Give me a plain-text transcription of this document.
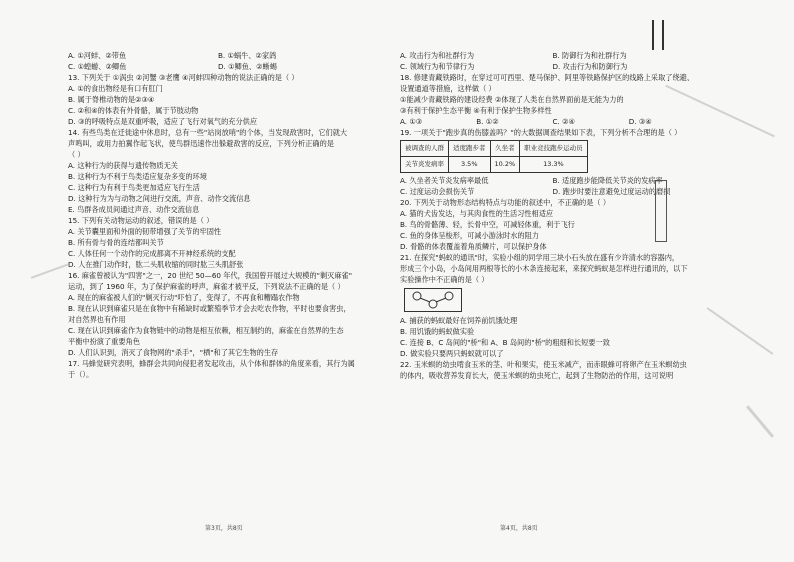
A. ①河蚌、②带鱼	B. ①蜗牛、②家鸽
C. ①蝗蝣、②鲫鱼	D. ①鲫鱼、②蜥蜴
13. 下列关于 ①涡虫 ②河蟹 ③老鹰 ④河蚌四种动物的说法正确的是（ ）
A. ①的食出物经是有口有肛门
B. 属于脊椎动物的是②③④
C. ②和④的体表有外骨骼，属于节肢动物
D. ③的呼吸特点是双重呼吸，适应了飞行对氧气的充分供应
14. 有些鸟类在迁徙途中休息时，总有一些"站岗放哨"的个体，当发现敌害时，它们就大
声鸣叫，或用力拍翼作起飞状，使鸟群迅速作出躲避敌害的反应，下列分析正确的是
（ ）
A. 这种行为的获得与遗传物质无关
B. 这种行为不利于鸟类适应复杂多变的环境
C. 这种行为有利于鸟类更加适应飞行生活
D. 这种行为为与动物之间进行交流，声音、动作交流信息
E. 鸟群各成员间通过声音、动作交流信息
15. 下列有关动物运动的叙述，错误的是（ ）
A. 关节囊里面和外面的韧带增强了关节的牢固性
B. 所有骨与骨的连结都叫关节
C. 人体任何一个动作的完成都离不开神经系统的支配
D. 人在推门动作时，肱二头肌收缩的同时肱三头肌舒张
16. 麻雀曾被认为"四害"之一，20 世纪 50—60 年代，我国曾开展过大规模的"剿灭麻雀"
运动，到了 1960 年，为了保护麻雀的呼声，麻雀才被平反，下列说法不正确的是（ ）
A. 现在的麻雀被人们的"剿灭行动"吓怕了，变得了，不再食和糟蹋农作物
B. 现在认识到麻雀只是在食物中有稀缺时或繁殖季节才会去吃农作物，平时也要食害虫，
对自然界也有作用
C. 现在认识到麻雀作为食物链中的动物是相互依赖，相互制约的，麻雀在自然界的生态
平衡中扮演了重要角色
D. 人们认识到，消灭了食物网的"杀手"，"栖"和了其它生物的生存
17. 马蜂觉研究表明，蜂群会共同向侵犯者发起攻击，从个体和群体的角度来看，其行为属
于（）。
A. 攻击行为和社群行为	B. 防御行为和社群行为
C. 领域行为和节律行为	D. 攻击行为和防御行为
18. 修建青藏铁路时，在穿过可可西里、楚马保护、阿里等铁路保护区的线路上采取了绕避、
设置通道等措施，这样做（ ）
①能减少青藏铁路的建设经费 ②体现了人类在自然界面前是无能为力的
③有利于保护生态平衡 ④有利于保护生物多样性
A. ①③	B. ①②	C. ②④	D. ③④
19. 一项关于"跑步真的伤膝盖吗？"的大数据调查结果如下表，下列分析不合理的是（ ）
被调查的人群	适度跑步者	久坐者	职业竞技跑步运动员
关节炎发病率	3.5%	10.2%	13.3%
A. 久坐者关节炎发病率最低	B. 适度跑步能降低关节炎的发病率
C. 过度运动会损伤关节	D. 跑步时要注意避免过度运动的磨损
20. 下列关于动物形态结构特点与功能的叙述中，不正确的是（ ）
A. 猫的犬齿发达，与其肉食性的生活习性相适应
B. 鸟的骨骼薄、轻，长骨中空，可减轻体重，利于飞行
C. 鱼的身体呈梭形，可减小游泳时水的阻力
D. 骨骼的体表覆盖着角质鳞片，可以保护身体
21. 在探究"蚂蚁的通讯"时，实验小组的同学用三块小石头放在盛有少许清水的容器内，
形成三个小岛，小岛间用两根等长的小木条连接起来，来探究蚂蚁是怎样进行通讯的，以下
实验操作中不正确的是（ ）
A. 捕获的蚂蚁最好在饲养前饥饿处理
B. 用饥饿的蚂蚁做实验
C. 连接 B、C 岛间的"桥"和 A、B 岛间的"桥"的粗细和长短要一致
D. 做实验只要两只蚂蚁就可以了
22. 玉米螟的幼虫啃食玉米的茎、叶和果实，使玉米减产，而赤眼蜂可将卵产在玉米螟幼虫
的体内，吸收营养发育长大，使玉米螟的幼虫死亡，起到了生物防治的作用，这可说明
第3页，共8页	第4页，共8页
